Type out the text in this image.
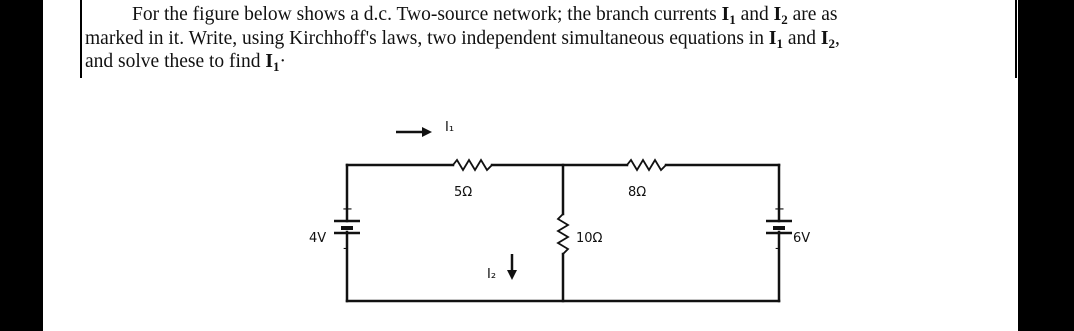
For the figure below shows a d.c. Two-source network; the branch currents $I_1$ and $I_2$ are as
marked in it. Write, using Kirchhoff's laws, two independent simultaneous equations in $I_1$ and $I_2$,
and solve these to find $I_1\cdot$
I₁
I₂
5Ω	8Ω
10Ω
4V	6V
+
-
+
-
